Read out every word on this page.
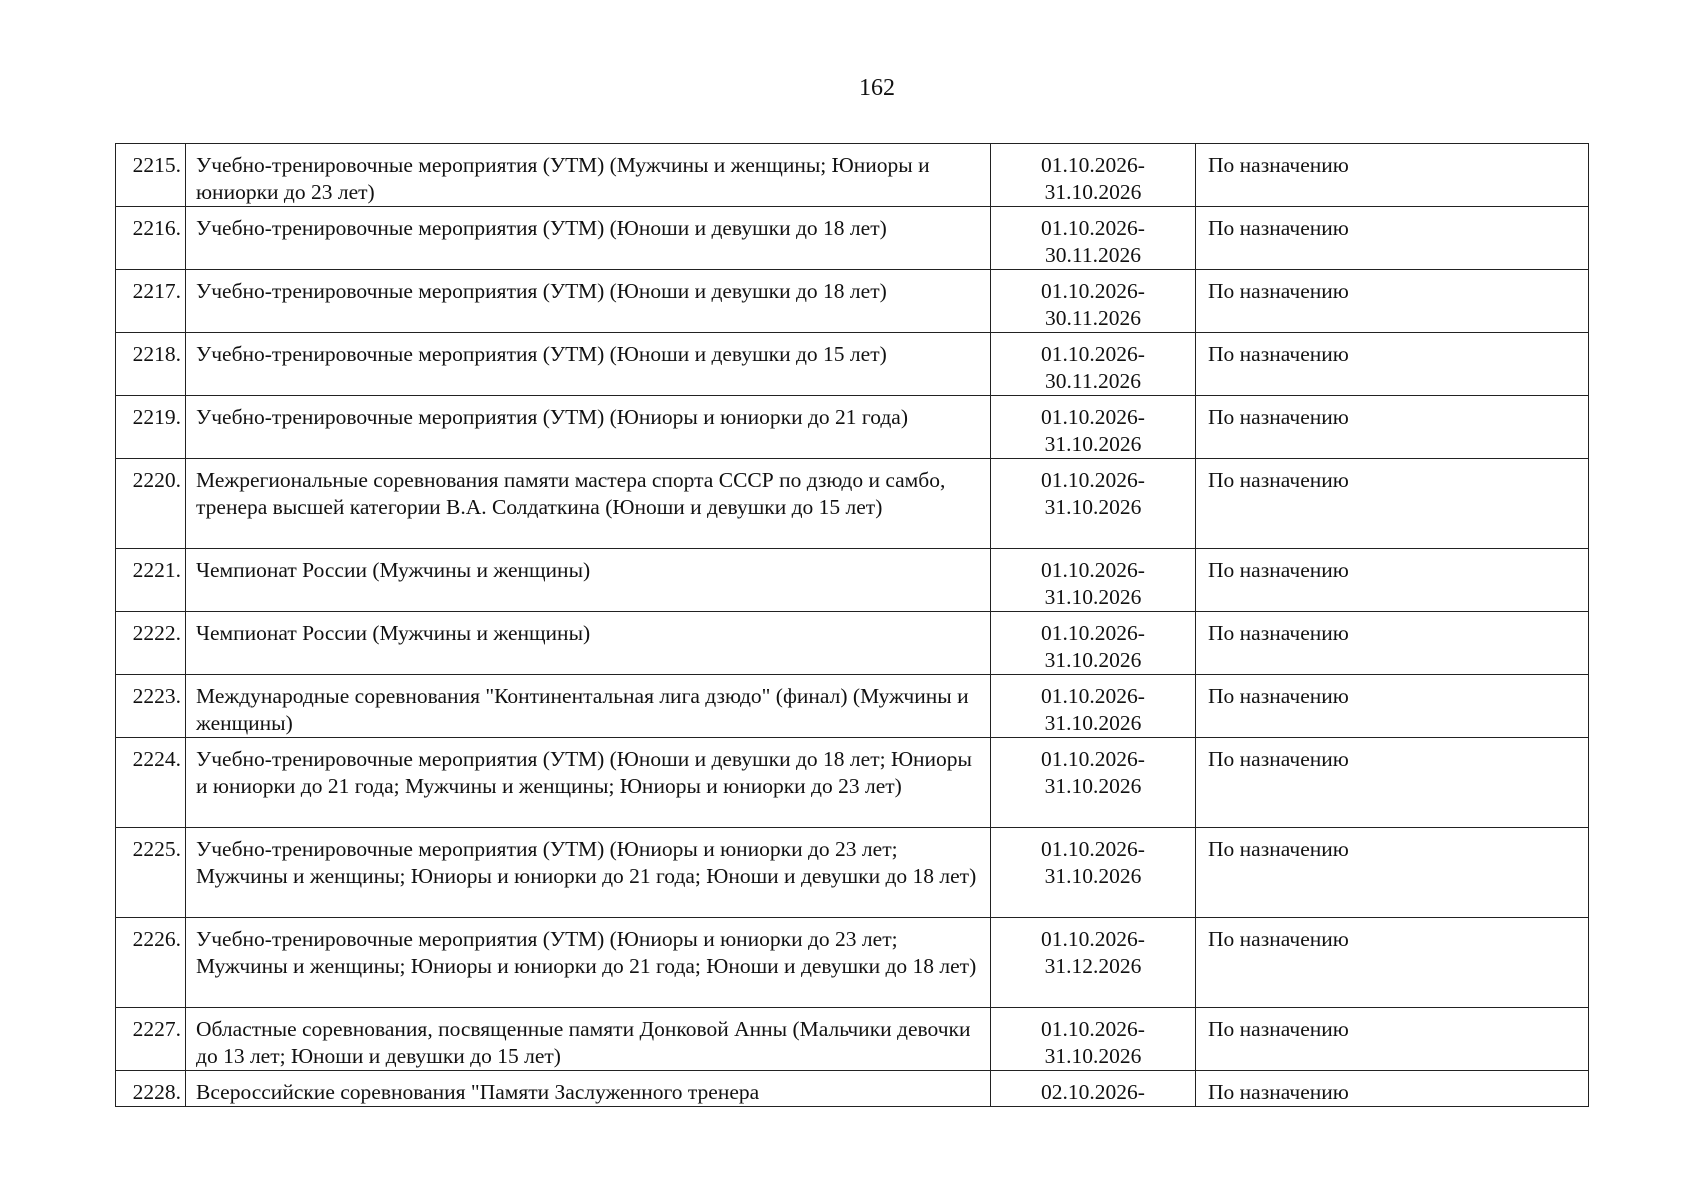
162
2215.	Учебно-тренировочные мероприятия (УТМ) (Мужчины и женщины; Юниоры и юниорки до 23 лет)	01.10.2026-
31.10.2026	По назначению
2216.	Учебно-тренировочные мероприятия (УТМ) (Юноши и девушки до 18 лет)	01.10.2026-
30.11.2026	По назначению
2217.	Учебно-тренировочные мероприятия (УТМ) (Юноши и девушки до 18 лет)	01.10.2026-
30.11.2026	По назначению
2218.	Учебно-тренировочные мероприятия (УТМ) (Юноши и девушки до 15 лет)	01.10.2026-
30.11.2026	По назначению
2219.	Учебно-тренировочные мероприятия (УТМ) (Юниоры и юниорки до 21 года)	01.10.2026-
31.10.2026	По назначению
2220.	Межрегиональные соревнования памяти мастера спорта СССР по дзюдо и самбо, тренера высшей категории В.А. Солдаткина (Юноши и девушки до 15 лет)	01.10.2026-
31.10.2026	По назначению
2221.	Чемпионат России (Мужчины и женщины)	01.10.2026-
31.10.2026	По назначению
2222.	Чемпионат России (Мужчины и женщины)	01.10.2026-
31.10.2026	По назначению
2223.	Международные соревнования "Континентальная лига дзюдо" (финал) (Мужчины и женщины)	01.10.2026-
31.10.2026	По назначению
2224.	Учебно-тренировочные мероприятия (УТМ) (Юноши и девушки до 18 лет; Юниоры и юниорки до 21 года; Мужчины и женщины; Юниоры и юниорки до 23 лет)	01.10.2026-
31.10.2026	По назначению
2225.	Учебно-тренировочные мероприятия (УТМ) (Юниоры и юниорки до 23 лет; Мужчины и женщины; Юниоры и юниорки до 21 года; Юноши и девушки до 18 лет)	01.10.2026-
31.10.2026	По назначению
2226.	Учебно-тренировочные мероприятия (УТМ) (Юниоры и юниорки до 23 лет; Мужчины и женщины; Юниоры и юниорки до 21 года; Юноши и девушки до 18 лет)	01.10.2026-
31.12.2026	По назначению
2227.	Областные соревнования, посвященные памяти Донковой Анны (Мальчики девочки до 13 лет; Юноши и девушки до 15 лет)	01.10.2026-
31.10.2026	По назначению
2228.	Всероссийские соревнования "Памяти Заслуженного тренера	02.10.2026-	По назначению
